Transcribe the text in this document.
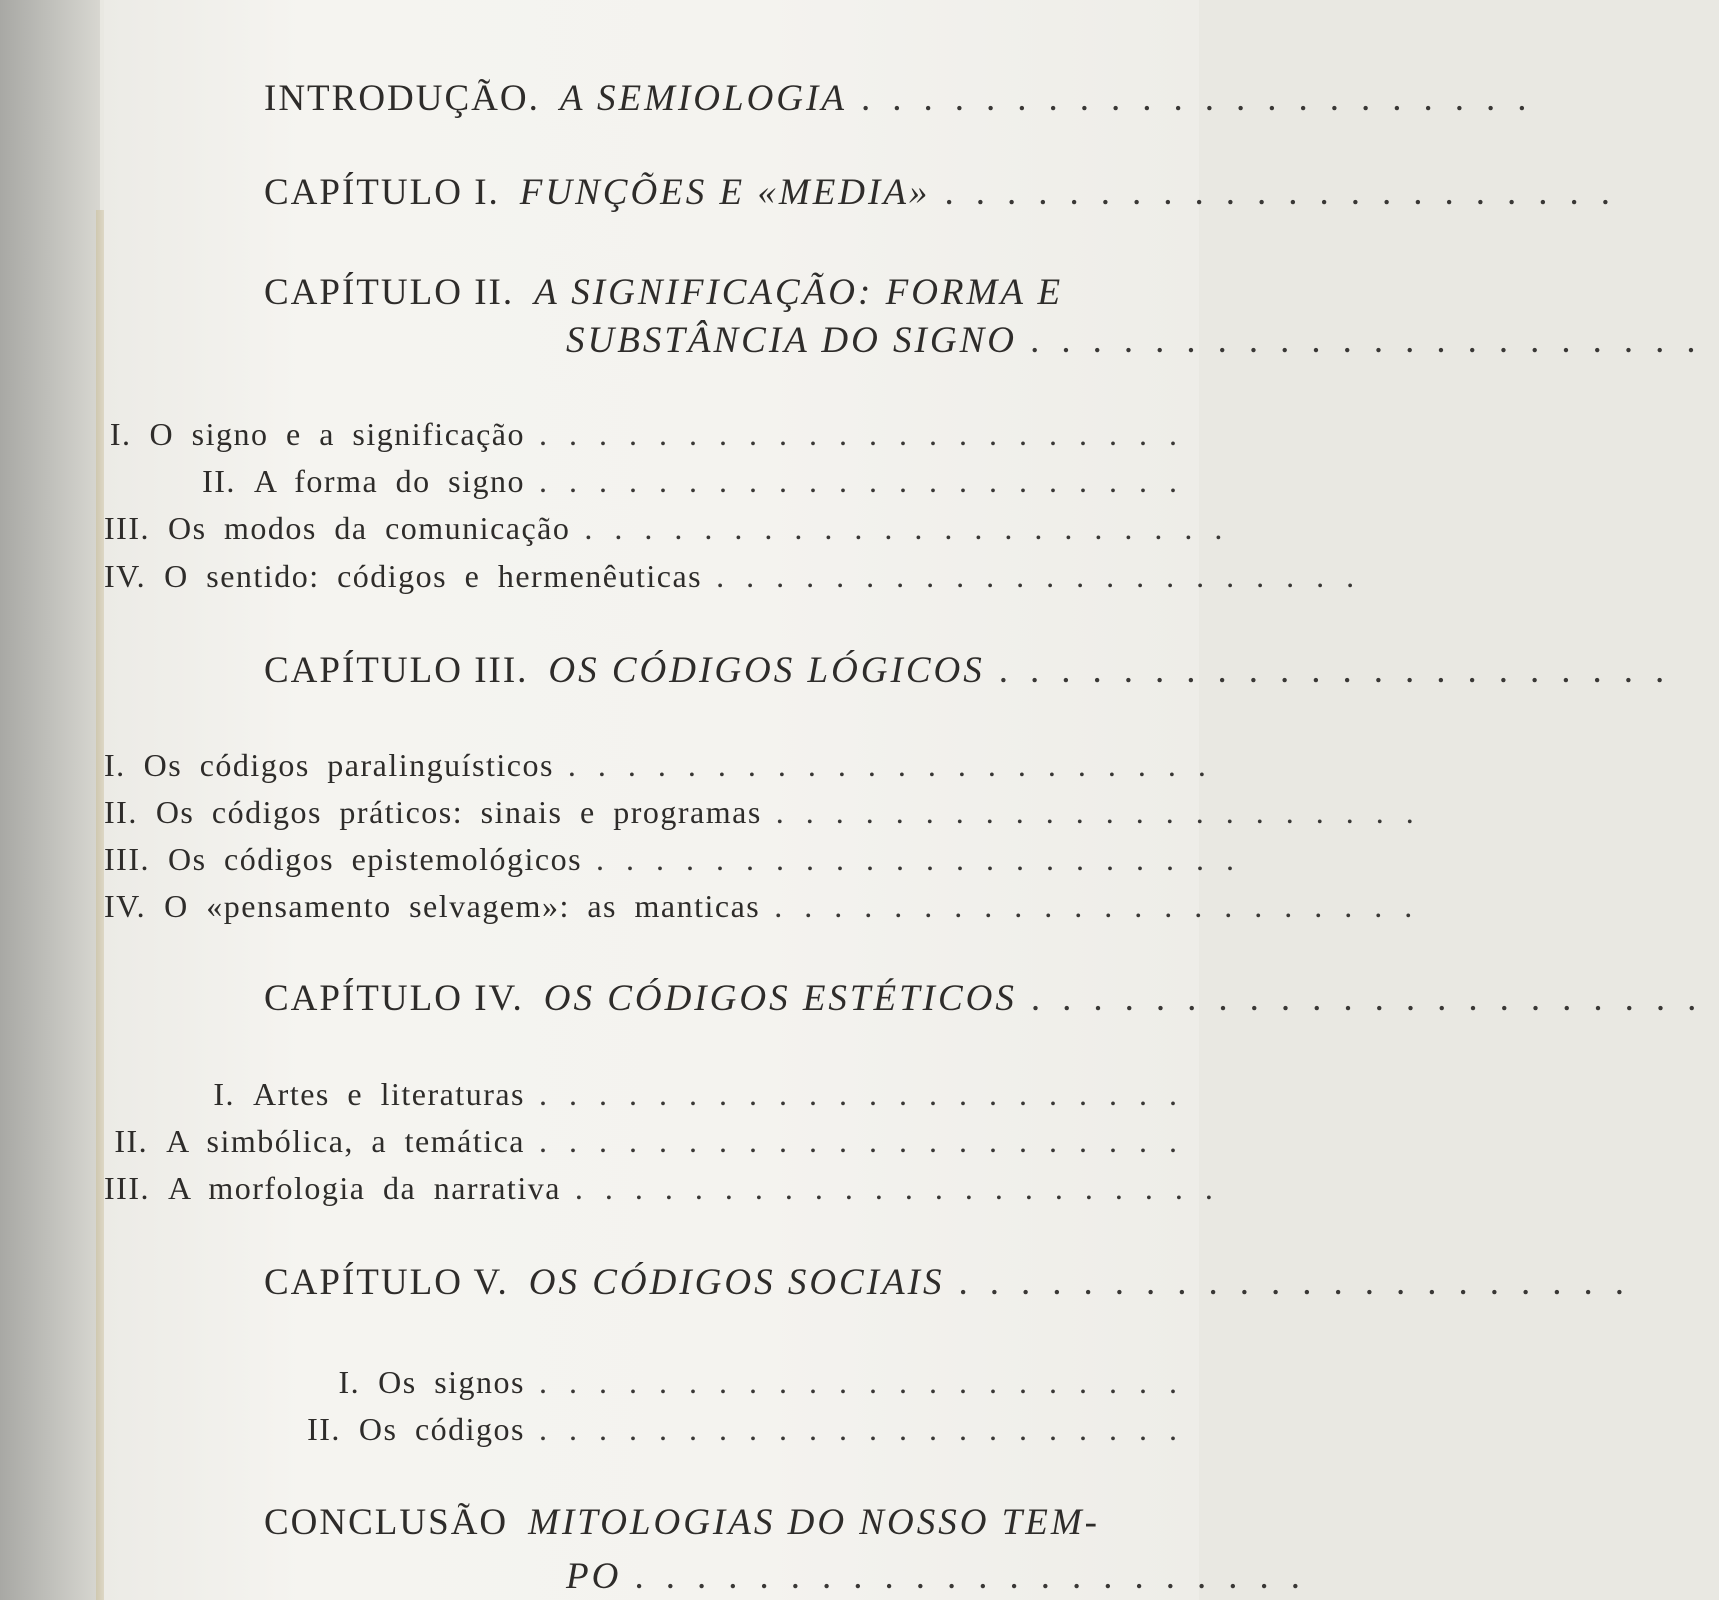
INTRODUÇÃO. A SEMIOLOGIA ......................
CAPÍTULO I. FUNÇÕES E «MEDIA» ......................
CAPÍTULO II. A SIGNIFICAÇÃO: FORMA E
SUBSTÂNCIA DO SIGNO ......................
I. O signo e a significação ......................
II. A forma do signo ......................
III. Os modos da comunicação ......................
IV. O sentido: códigos e hermenêuticas ......................
CAPÍTULO III. OS CÓDIGOS LÓGICOS ......................
I. Os códigos paralinguísticos ......................
II. Os códigos práticos: sinais e programas ......................
III. Os códigos epistemológicos ......................
IV. O «pensamento selvagem»: as manticas ......................
CAPÍTULO IV. OS CÓDIGOS ESTÉTICOS ......................
I. Artes e literaturas ......................
II. A simbólica, a temática ......................
III. A morfologia da narrativa ......................
CAPÍTULO V. OS CÓDIGOS SOCIAIS ......................
I. Os signos ......................
II. Os códigos ......................
CONCLUSÃO MITOLOGIAS DO NOSSO TEM-
PO ......................
